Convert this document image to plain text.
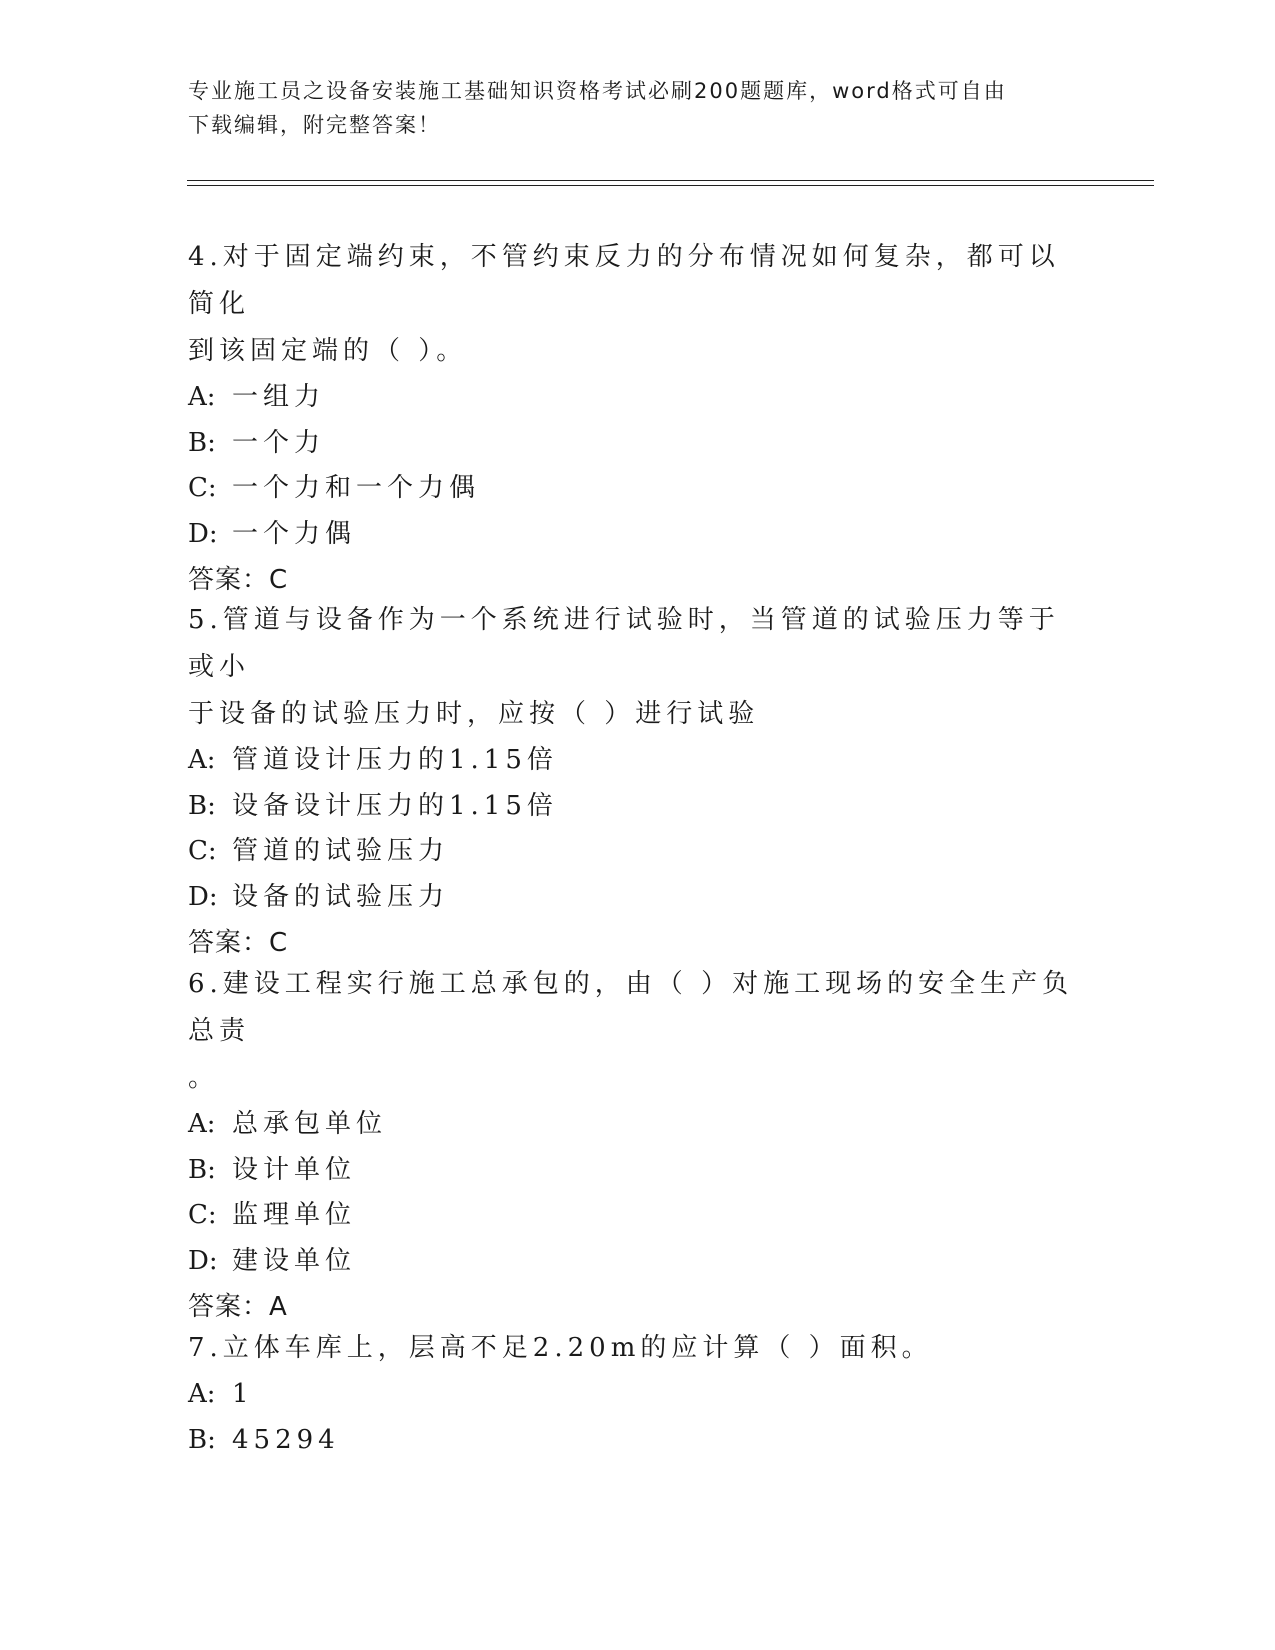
专业施工员之设备安装施工基础知识资格考试必刷200题题库，word格式可自由
下载编辑，附完整答案！

4.对于固定端约束，不管约束反力的分布情况如何复杂，都可以简化

到该固定端的（ ）。

A: 一组力

B: 一个力

C: 一个力和一个力偶

D: 一个力偶

答案：C

5.管道与设备作为一个系统进行试验时，当管道的试验压力等于或小

于设备的试验压力时，应按（ ）进行试验

A: 管道设计压力的1.15倍

B: 设备设计压力的1.15倍

C: 管道的试验压力

D: 设备的试验压力

答案：C

6.建设工程实行施工总承包的，由（ ）对施工现场的安全生产负总责

。

A: 总承包单位

B: 设计单位

C: 监理单位

D: 建设单位

答案：A

7.立体车库上，层高不足2.20m的应计算（ ）面积。

A: 1

B: 45294
